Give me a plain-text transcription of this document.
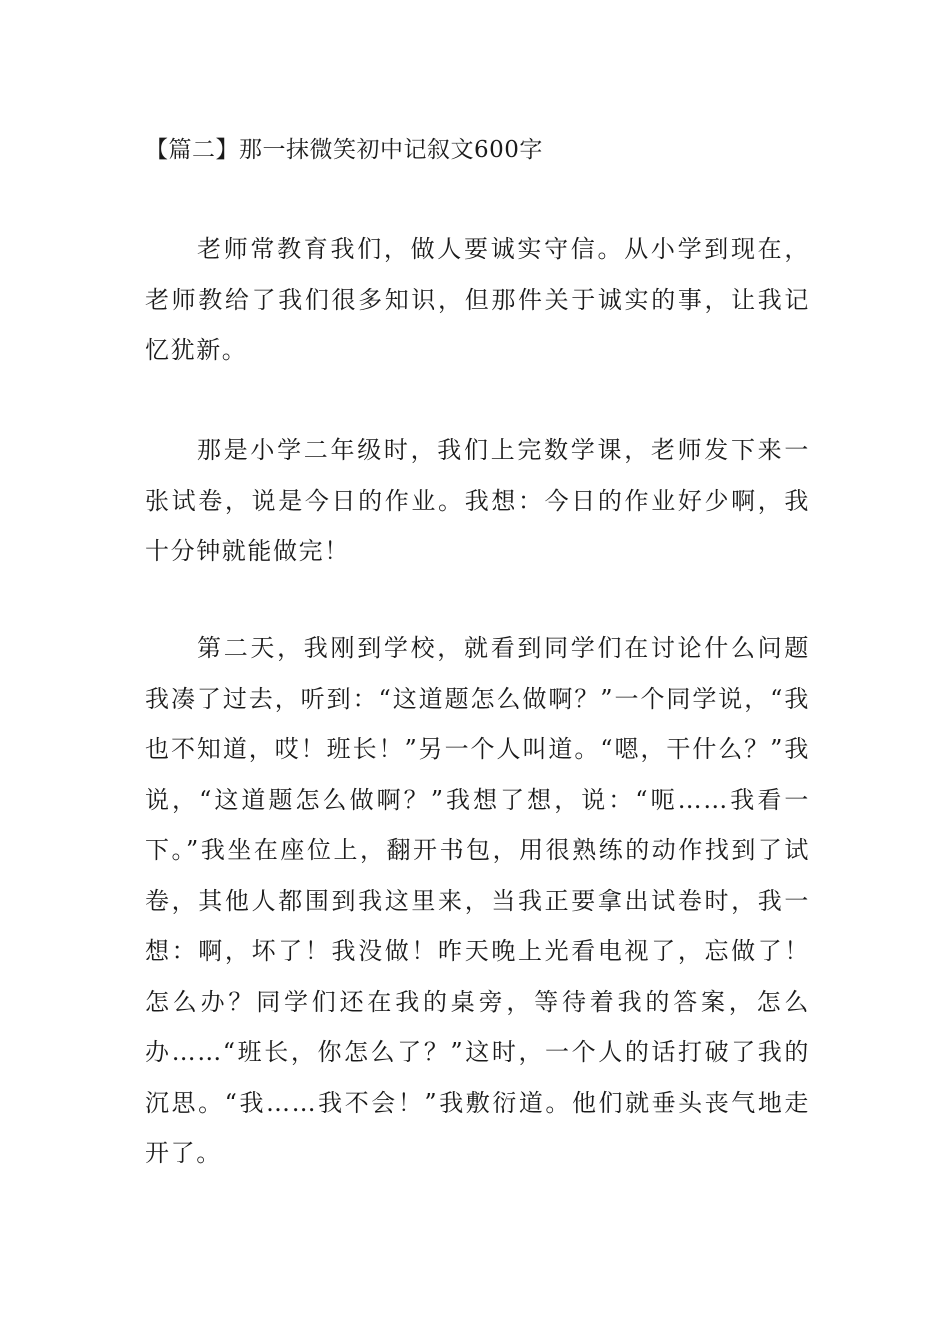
【篇二】那一抹微笑初中记叙文600字

老师常教育我们，做人要诚实守信。从小学到现在，老师教给了我们很多知识，但那件关于诚实的事，让我记忆犹新。

那是小学二年级时，我们上完数学课，老师发下来一张试卷，说是今日的作业。我想：今日的作业好少啊，我十分钟就能做完！

第二天，我刚到学校，就看到同学们在讨论什么问题我凑了过去，听到：“这道题怎么做啊？”一个同学说，“我也不知道，哎！班长！”另一个人叫道。“嗯，干什么？”我说，“这道题怎么做啊？”我想了想，说：“呃……我看一下。”我坐在座位上，翻开书包，用很熟练的动作找到了试卷，其他人都围到我这里来，当我正要拿出试卷时，我一想：啊，坏了！我没做！昨天晚上光看电视了，忘做了！怎么办？同学们还在我的桌旁，等待着我的答案，怎么办……“班长，你怎么了？”这时，一个人的话打破了我的沉思。“我……我不会！”我敷衍道。他们就垂头丧气地走开了。
